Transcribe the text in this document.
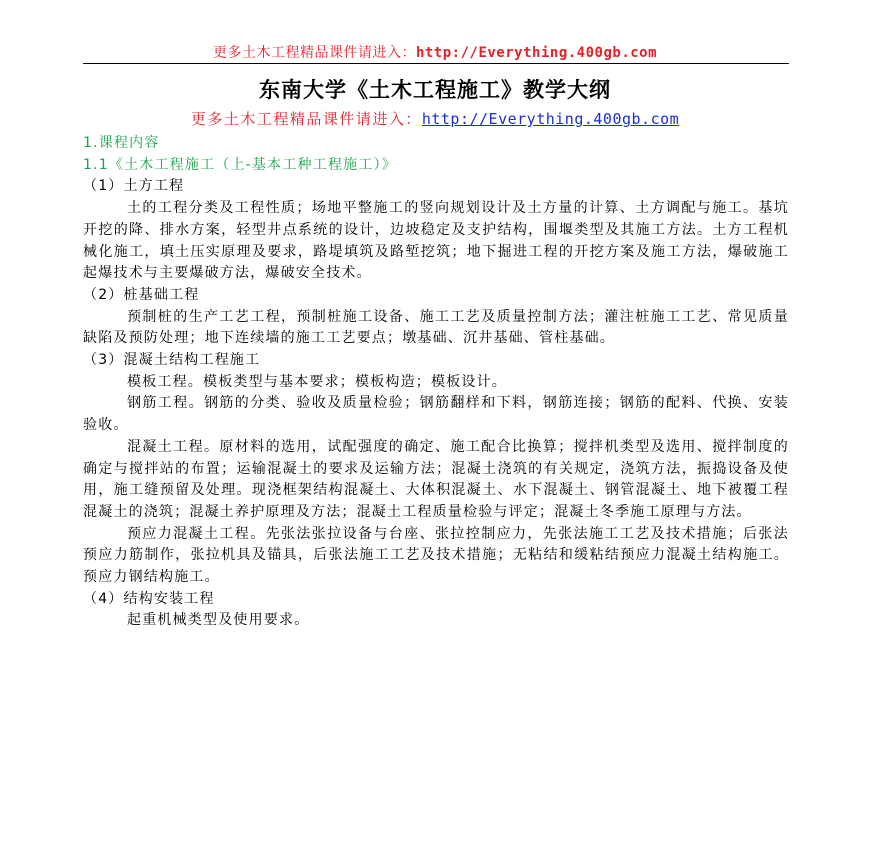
更多土木工程精品课件请进入：http://Everything.400gb.com
东南大学《土木工程施工》教学大纲
更多土木工程精品课件请进入：http://Everything.400gb.com

1.课程内容

1.1《土木工程施工（上-基本工种工程施工）》

（1）土方工程

土的工程分类及工程性质；场地平整施工的竖向规划设计及土方量的计算、土方调配与施工。基坑开挖的降、排水方案，轻型井点系统的设计，边坡稳定及支护结构，围堰类型及其施工方法。土方工程机械化施工，填土压实原理及要求，路堤填筑及路堑挖筑；地下掘进工程的开挖方案及施工方法，爆破施工起爆技术与主要爆破方法，爆破安全技术。

（2）桩基础工程

预制桩的生产工艺工程，预制桩施工设备、施工工艺及质量控制方法；灌注桩施工工艺、常见质量缺陷及预防处理；地下连续墙的施工工艺要点；墩基础、沉井基础、管柱基础。

（3）混凝土结构工程施工

模板工程。模板类型与基本要求；模板构造；模板设计。

钢筋工程。钢筋的分类、验收及质量检验；钢筋翻样和下料，钢筋连接；钢筋的配料、代换、安装验收。

混凝土工程。原材料的选用，试配强度的确定、施工配合比换算；搅拌机类型及选用、搅拌制度的确定与搅拌站的布置；运输混凝土的要求及运输方法；混凝土浇筑的有关规定，浇筑方法，振捣设备及使用，施工缝预留及处理。现浇框架结构混凝土、大体积混凝土、水下混凝土、钢管混凝土、地下被覆工程混凝土的浇筑；混凝土养护原理及方法；混凝土工程质量检验与评定；混凝土冬季施工原理与方法。

预应力混凝土工程。先张法张拉设备与台座、张拉控制应力，先张法施工工艺及技术措施；后张法预应力筋制作，张拉机具及锚具，后张法施工工艺及技术措施；无粘结和缓粘结预应力混凝土结构施工。预应力钢结构施工。

（4）结构安装工程

起重机械类型及使用要求。
